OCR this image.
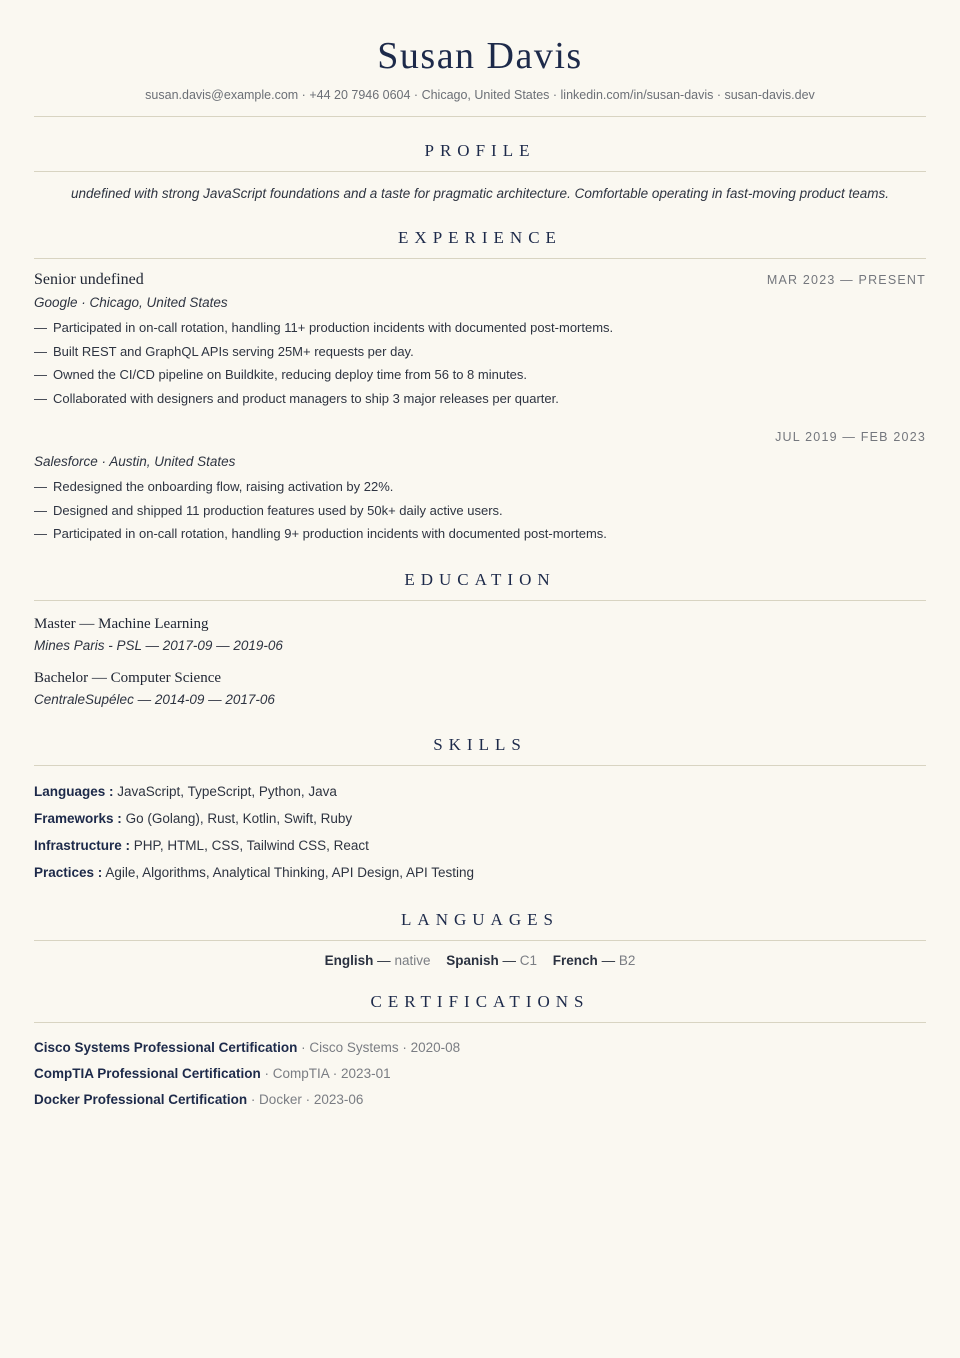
Susan Davis
susan.davis@example.com · +44 20 7946 0604 · Chicago, United States · linkedin.com/in/susan-davis · susan-davis.dev
PROFILE
undefined with strong JavaScript foundations and a taste for pragmatic architecture. Comfortable operating in fast-moving product teams.
EXPERIENCE
Senior undefined	MAR 2023 — PRESENT
Google · Chicago, United States
— Participated in on-call rotation, handling 11+ production incidents with documented post-mortems.
— Built REST and GraphQL APIs serving 25M+ requests per day.
— Owned the CI/CD pipeline on Buildkite, reducing deploy time from 56 to 8 minutes.
— Collaborated with designers and product managers to ship 3 major releases per quarter.
JUL 2019 — FEB 2023
Salesforce · Austin, United States
— Redesigned the onboarding flow, raising activation by 22%.
— Designed and shipped 11 production features used by 50k+ daily active users.
— Participated in on-call rotation, handling 9+ production incidents with documented post-mortems.
EDUCATION
Master — Machine Learning
Mines Paris - PSL — 2017-09 — 2019-06
Bachelor — Computer Science
CentraleSupélec — 2014-09 — 2017-06
SKILLS
Languages : JavaScript, TypeScript, Python, Java
Frameworks : Go (Golang), Rust, Kotlin, Swift, Ruby
Infrastructure : PHP, HTML, CSS, Tailwind CSS, React
Practices : Agile, Algorithms, Analytical Thinking, API Design, API Testing
LANGUAGES
English — native Spanish — C1 French — B2
CERTIFICATIONS
Cisco Systems Professional Certification · Cisco Systems · 2020-08
CompTIA Professional Certification · CompTIA · 2023-01
Docker Professional Certification · Docker · 2023-06
